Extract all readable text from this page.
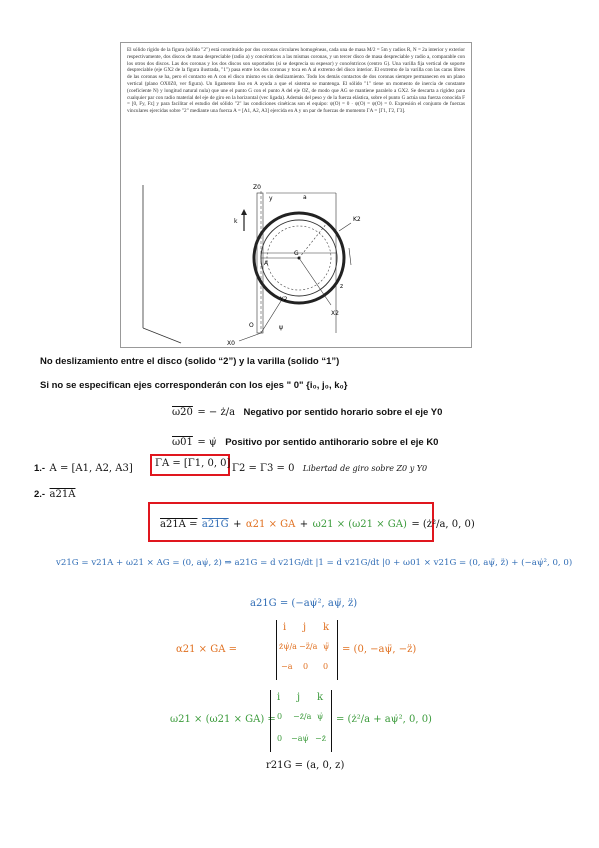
El sólido rígido de la figura (sólido "2") está constituido por dos coronas circulares homogéneas, cada una de masa M/2 = 5m y radios R, N = 2a interior y exterior respectivamente, dos discos de masa despreciable (radio a) y concéntricos a las mismas coronas, y un tercer disco de masa despreciable y radio a, comparable con los otros dos discos. Las dos coronas y los dos discos son soportados (si se desprecia su espesor) y concéntricos (centro G). Una varilla fija vertical de soporte despreciable (eje GX2 de la figura ilustrada, "1") pasa entre los dos coronas y toca en A al extremo del disco interior. El extremo de la varilla con las caras libres de las coronas se ha, pero el contacto en A con el disco mismo es sin deslizamiento. Todo los demás contactos de dos coronas siempre permanecen en un plano vertical (plano OX0Z0, ver figura). Un ligamento liso en A ayuda a que el sistema se mantenga. El sólido "1" tiene un momento de inercia de constante (coeficiente N) y longitud natural nula) que une el punto G con el punto A del eje OZ, de modo que AG se mantiene paralelo a GX2. Se descarta a rigidez para cualquier par con radio material del eje de giro en la horizontal (vec ligada). Además del peso y de la fuerza elástica, sobre el punto G actúa una fuerza conocida F = [0, Fy, Fz] y para facilitar el estudio del sólido "2" las condiciones cinéticas son el equipo: ψ(O) = 0 · ψ(O) = ψ(O) = 0. Expresión el conjunto de fuerzas vinculares ejercidas sobre "2" mediante una fuerza A = [A1, A2, A3] ejercida en A y un par de fuerzas de momento ΓA = [Γ1, Γ2, Γ3].
Z0
y
k
a
G
A
O
X0
ψ
Y2
X2
z
K2
No deslizamiento entre el disco (solido “2”) y la varilla (solido “1”)
Si no se especifican ejes corresponderán con los ejes " 0" {i₀, j₀, k₀}
ω20 = − ż/a Negativo por sentido horario sobre el eje Y0
ω01 = ψ̇ Positivo por sentido antihorario sobre el eje K0
1.- A = [A1, A2, A3] ΓA = [Γ1, 0, 0] Γ2 = Γ3 = 0 Libertad de giro sobre Z0 y Y0
2.- a21A
a21A = a21G + α21 × GA + ω21 × (ω21 × GA) = (ż²/a, 0, 0)
v21G = v21A + ω21 × AG = (0, aψ̇, ż) ⇒ a21G = d v21G/dt |1 = d v21G/dt |0 + ω01 × v21G = (0, aψ̈, z̈) + (−aψ̇², 0, 0)
a21G = (−aψ̇², aψ̈, z̈)
α21 × GA =
i j k
żψ̇/a −z̈/a ψ̈
−a 0 0
= (0, −aψ̈, −z̈)
ω21 × (ω21 × GA) =
i j k
0 −ż/a ψ̇
0 −aψ̇ −ż
= (ż²/a + aψ̇², 0, 0)
r21G = (a, 0, z)
